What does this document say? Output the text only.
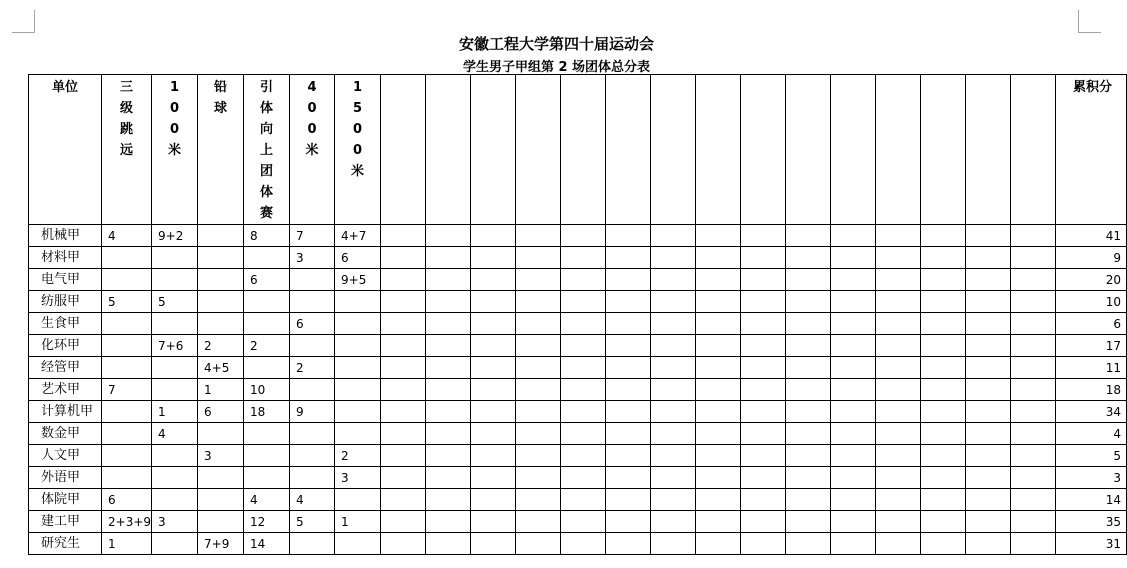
安徽工程大学第四十届运动会
学生男子甲组第 2 场团体总分表
单位	三级跳远	100米	铅球	引体向上团体赛	400米	1500米																累积分
机械甲	4	9+2		8	7	4+7																41
材料甲					3	6																9
电气甲				6		9+5																20
纺服甲	5	5																				10
生食甲					6																	6
化环甲		7+6	2	2																		17
经管甲			4+5		2																	11
艺术甲	7		1	10																		18
计算机甲		1	6	18	9																	34
数金甲		4																				4
人文甲			3			2																5
外语甲						3																3
体院甲	6			4	4																	14
建工甲	2+3+9	3		12	5	1																35
研究生	1		7+9	14																		31
